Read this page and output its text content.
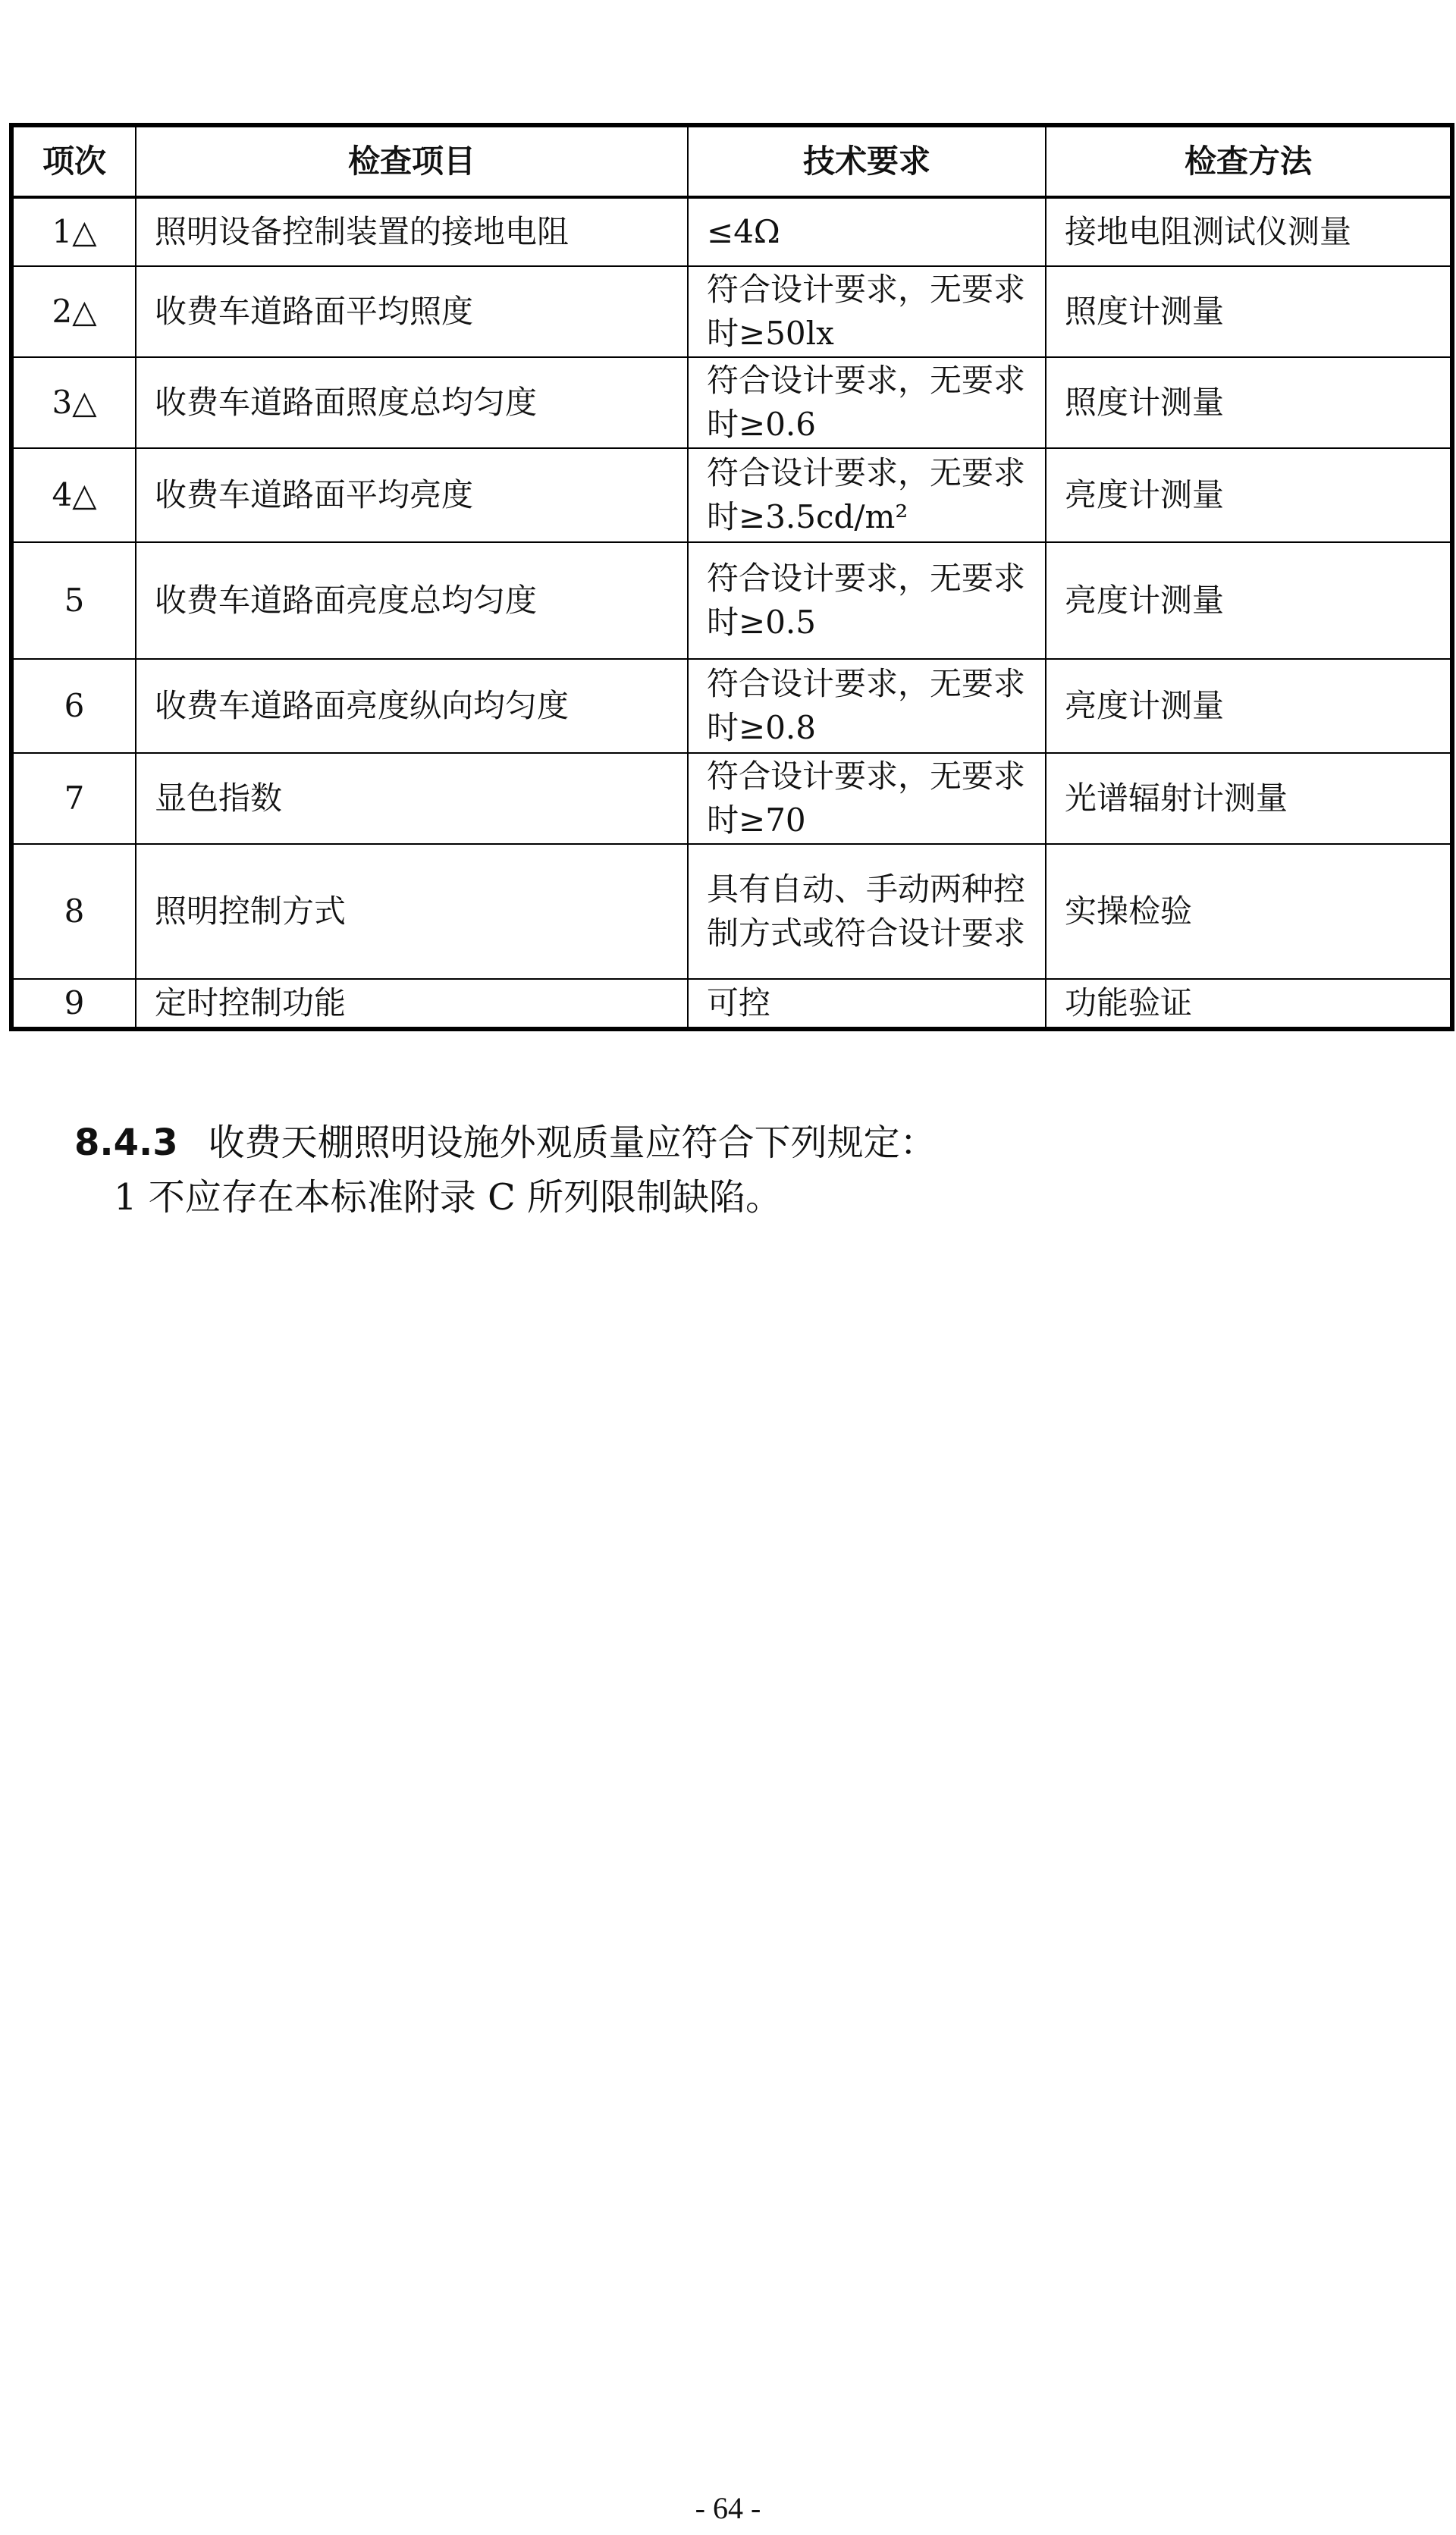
项次	检查项目	技术要求	检查方法
1△	照明设备控制装置的接地电阻	≤4Ω	接地电阻测试仪测量
2△	收费车道路面平均照度	符合设计要求，无要求时≥50lx	照度计测量
3△	收费车道路面照度总均匀度	符合设计要求，无要求时≥0.6	照度计测量
4△	收费车道路面平均亮度	符合设计要求，无要求时≥3.5cd/m²	亮度计测量
5	收费车道路面亮度总均匀度	符合设计要求，无要求时≥0.5	亮度计测量
6	收费车道路面亮度纵向均匀度	符合设计要求，无要求时≥0.8	亮度计测量
7	显色指数	符合设计要求，无要求时≥70	光谱辐射计测量
8	照明控制方式	具有自动、手动两种控制方式或符合设计要求	实操检验
9	定时控制功能	可控	功能验证
8.4.3 收费天棚照明设施外观质量应符合下列规定：
1 不应存在本标准附录 C 所列限制缺陷。
- 64 -
